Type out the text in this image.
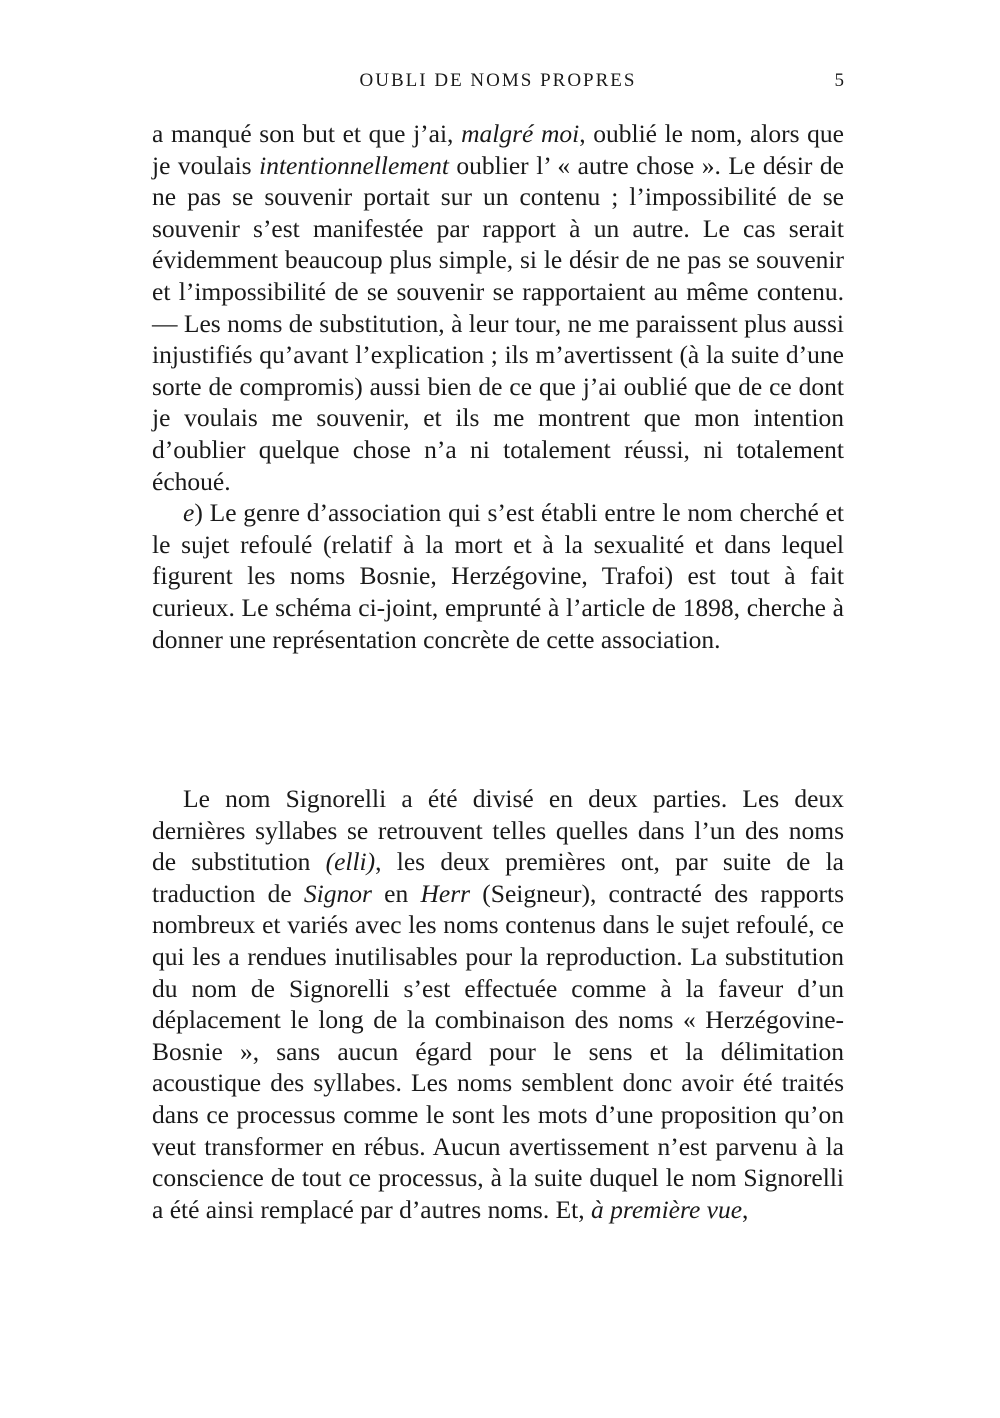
OUBLI DE NOMS PROPRES	5

a manqué son but et que j’ai, malgré moi, oublié le nom, alors que je voulais intentionnellement oublier l’ « autre chose ». Le désir de ne pas se souvenir portait sur un contenu ; l’impossibilité de se souvenir s’est manifestée par rapport à un autre. Le cas serait évidemment beaucoup plus simple, si le désir de ne pas se souvenir et l’impossibilité de se souvenir se rapportaient au même contenu. — Les noms de substitution, à leur tour, ne me paraissent plus aussi injustifiés qu’avant l’explication ; ils m’avertissent (à la suite d’une sorte de compromis) aussi bien de ce que j’ai oublié que de ce dont je voulais me souvenir, et ils me montrent que mon intention d’oublier quelque chose n’a ni totalement réussi, ni totalement échoué.

e) Le genre d’association qui s’est établi entre le nom cherché et le sujet refoulé (relatif à la mort et à la sexualité et dans lequel figurent les noms Bosnie, Herzégovine, Trafoi) est tout à fait curieux. Le schéma ci-joint, emprunté à l’article de 1898, cherche à donner une représentation concrète de cette association.

Le nom Signorelli a été divisé en deux parties. Les deux dernières syllabes se retrouvent telles quelles dans l’un des noms de substitution (elli), les deux premières ont, par suite de la traduction de Signor en Herr (Seigneur), contracté des rapports nombreux et variés avec les noms contenus dans le sujet refoulé, ce qui les a rendues inutilisables pour la reproduction. La substitution du nom de Signorelli s’est effectuée comme à la faveur d’un déplacement le long de la combinaison des noms « Herzégovine-Bosnie », sans aucun égard pour le sens et la délimitation acoustique des syllabes. Les noms semblent donc avoir été traités dans ce processus comme le sont les mots d’une proposition qu’on veut transformer en rébus. Aucun avertissement n’est parvenu à la conscience de tout ce processus, à la suite duquel le nom Signorelli a été ainsi remplacé par d’autres noms. Et, à première vue,
